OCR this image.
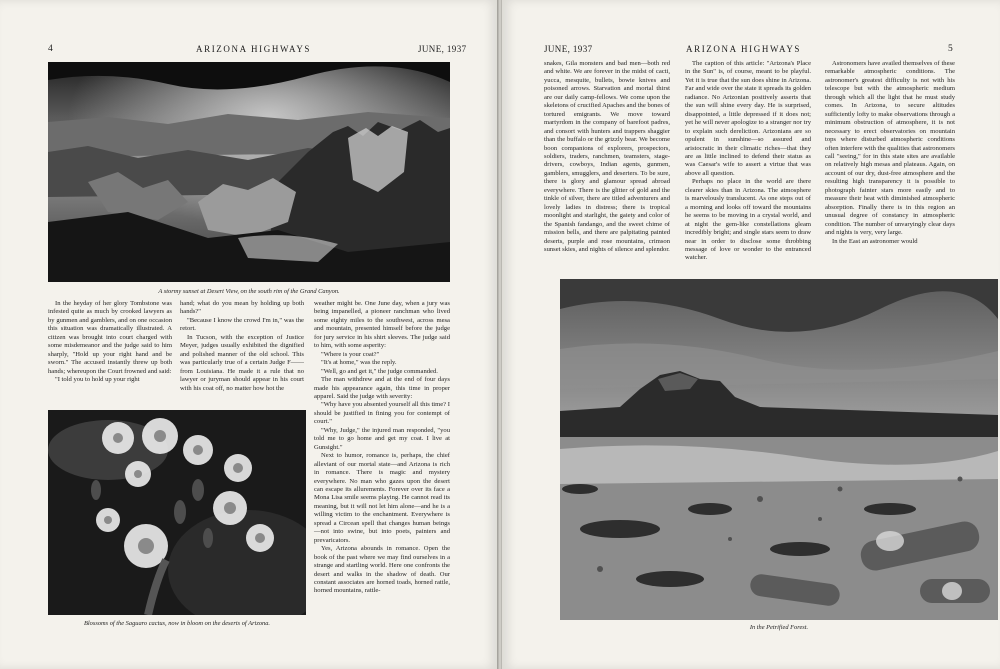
4	ARIZONA HIGHWAYS	JUNE, 1937
A stormy sunset at Desert View, on the south rim of the Grand Canyon.

In the heyday of her glory Tombstone was infested quite as much by crooked lawyers as by gunmen and gamblers, and on one occasion this situation was dramatically illustrated. A citizen was brought into court charged with some misdemeanor and the judge said to him sharply, "Hold up your right hand and be sworn." The accused instantly threw up both hands; whereupon the Court frowned and said:

"I told you to hold up your right

hand; what do you mean by holding up both hands?"

"Because I know the crowd I'm in," was the retort.

In Tucson, with the exception of Justice Meyer, judges usually exhibited the dignified and polished manner of the old school. This was particularly true of a certain Judge F—— from Louisiana. He made it a rule that no lawyer or juryman should appear in his court with his coat off, no matter how hot the

weather might be. One June day, when a jury was being impanelled, a pioneer ranchman who lived some eighty miles to the southwest, across mesa and mountain, presented himself before the judge for jury service in his shirt sleeves. The judge said to him, with some asperity:

"Where is your coat?"

"It's at home," was the reply.

"Well, go and get it," the judge commanded.

The man withdrew and at the end of four days made his appearance again, this time in proper apparel. Said the judge with severity:

"Why have you absented yourself all this time? I should be justified in fining you for contempt of court."

"Why, Judge," the injured man responded, "you told me to go home and get my coat. I live at Gunsight."

Next to humor, romance is, perhaps, the chief alleviant of our mortal state—and Arizona is rich in romance. There is magic and mystery everywhere. No man who gazes upon the desert can escape its allurements. Forever over its face a Mona Lisa smile seems playing. He cannot read its meaning, but it will not let him alone—and he is a willing victim to the enchantment. Everywhere is spread a Circean spell that changes human beings—not into swine, but into poets, painters and prevaricators.

Yes, Arizona abounds in romance. Open the book of the past where we may find ourselves in a strange and startling world. Here one confronts the desert and walks in the shadow of death. Our constant associates are horned toads, horned rattle, horned mountains, rattle-

Blossoms of the Saguaro cactus, now in bloom on the deserts of Arizona.
JUNE, 1937	ARIZONA HIGHWAYS	5

snakes, Gila monsters and bad men—both red and white. We are forever in the midst of cacti, yucca, mesquite, bullets, bowie knives and poisoned arrows. Starvation and mortal thirst are our daily camp-fellows. We come upon the skeletons of crucified Apaches and the bones of tortured emigrants. We move toward martyrdom in the company of barefoot padres, and consort with hunters and trappers shaggier than the buffalo or the grizzly bear. We become boon companions of explorers, prospectors, soldiers, traders, ranchmen, teamsters, stage-drivers, cowboys, Indian agents, gunmen, gamblers, smugglers, and deserters. To be sure, there is glory and glamour spread abroad everywhere. There is the glitter of gold and the tinkle of silver, there are titled adventurers and lovely ladies in distress; there is tropical moonlight and starlight, the gaiety and color of the Spanish fandango, and the sweet chime of mission bells, and there are palpitating painted deserts, purple and rose mountains, crimson sunset skies, and nights of silence and splendor.

The caption of this article: "Arizona's Place in the Sun" is, of course, meant to be playful. Yet it is true that the sun does shine in Arizona. Far and wide over the state it spreads its golden radiance. No Arizonian positively asserts that the sun will shine every day. He is surprised, disappointed, a little depressed if it does not; yet he will never apologize to a stranger nor try to explain such dereliction. Arizonians are so opulent in sunshine—so assured and aristocratic in their climatic riches—that they are as little inclined to defend their status as was Caesar's wife to assert a virtue that was above all question.

Perhaps no place in the world are there clearer skies than in Arizona. The atmosphere is marvelously translucent. As one steps out of a morning and looks off toward the mountains he seems to be moving in a crystal world, and at night the gem-like constellations gleam incredibly bright; and single stars seem to draw near in order to disclose some throbbing message of love or wonder to the entranced watcher.

Astronomers have availed themselves of these remarkable atmospheric conditions. The astronomer's greatest difficulty is not with his telescope but with the atmospheric medium through which all the light that he must study comes. In Arizona, to secure altitudes sufficiently lofty to make observations through a minimum obstruction of atmosphere, it is not necessary to erect observatories on mountain tops where disturbed atmospheric conditions often interfere with the qualities that astronomers call "seeing," for in this state sites are available on relatively high mesas and plateaus. Again, on account of our dry, dust-free atmosphere and the resulting high transparency it is possible to photograph fainter stars more easily and to measure their heat with diminished atmospheric absorption. Finally there is in this region an unusual degree of constancy in atmospheric condition. The number of unvaryingly clear days and nights is very, very large.

In the East an astronomer would

In the Petrified Forest.
